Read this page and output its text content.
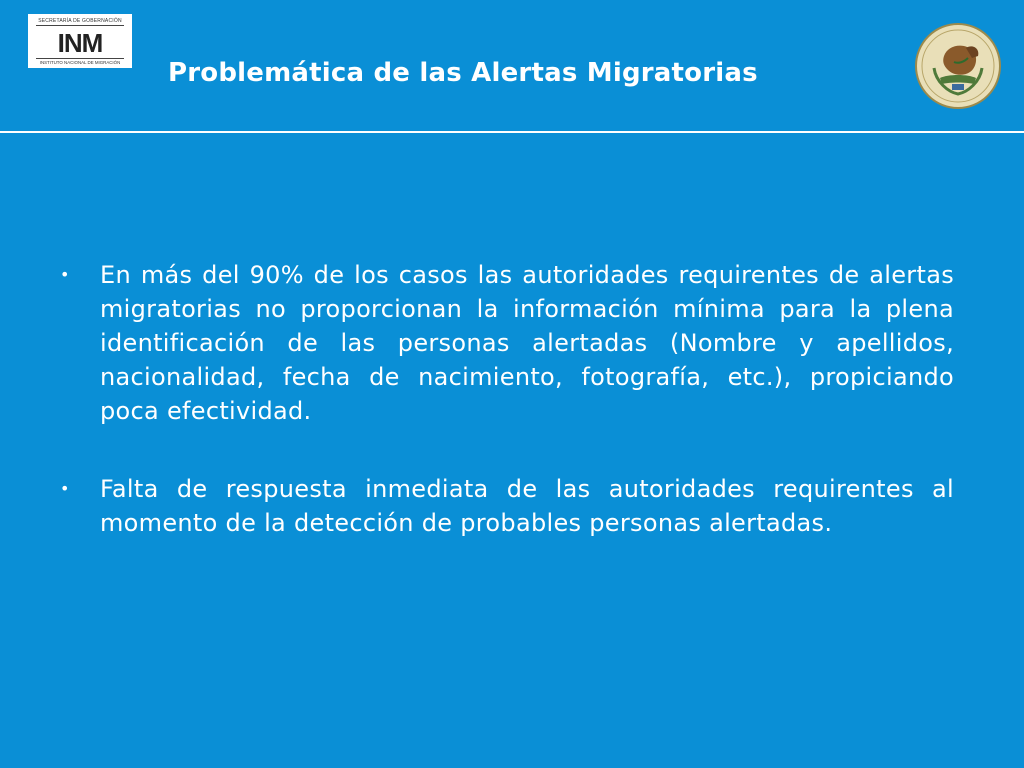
SECRETARÍA DE GOBERNACIÓN
INM
INSTITUTO NACIONAL DE MIGRACIÓN	Problemática de las Alertas Migratorias
• En más del 90% de los casos las autoridades requirentes de alertas migratorias no proporcionan la información mínima para la plena identificación de las personas alertadas (Nombre y apellidos, nacionalidad, fecha de nacimiento, fotografía, etc.), propiciando poca efectividad.
• Falta de respuesta inmediata de las autoridades requirentes al momento de la detección de probables personas alertadas.
